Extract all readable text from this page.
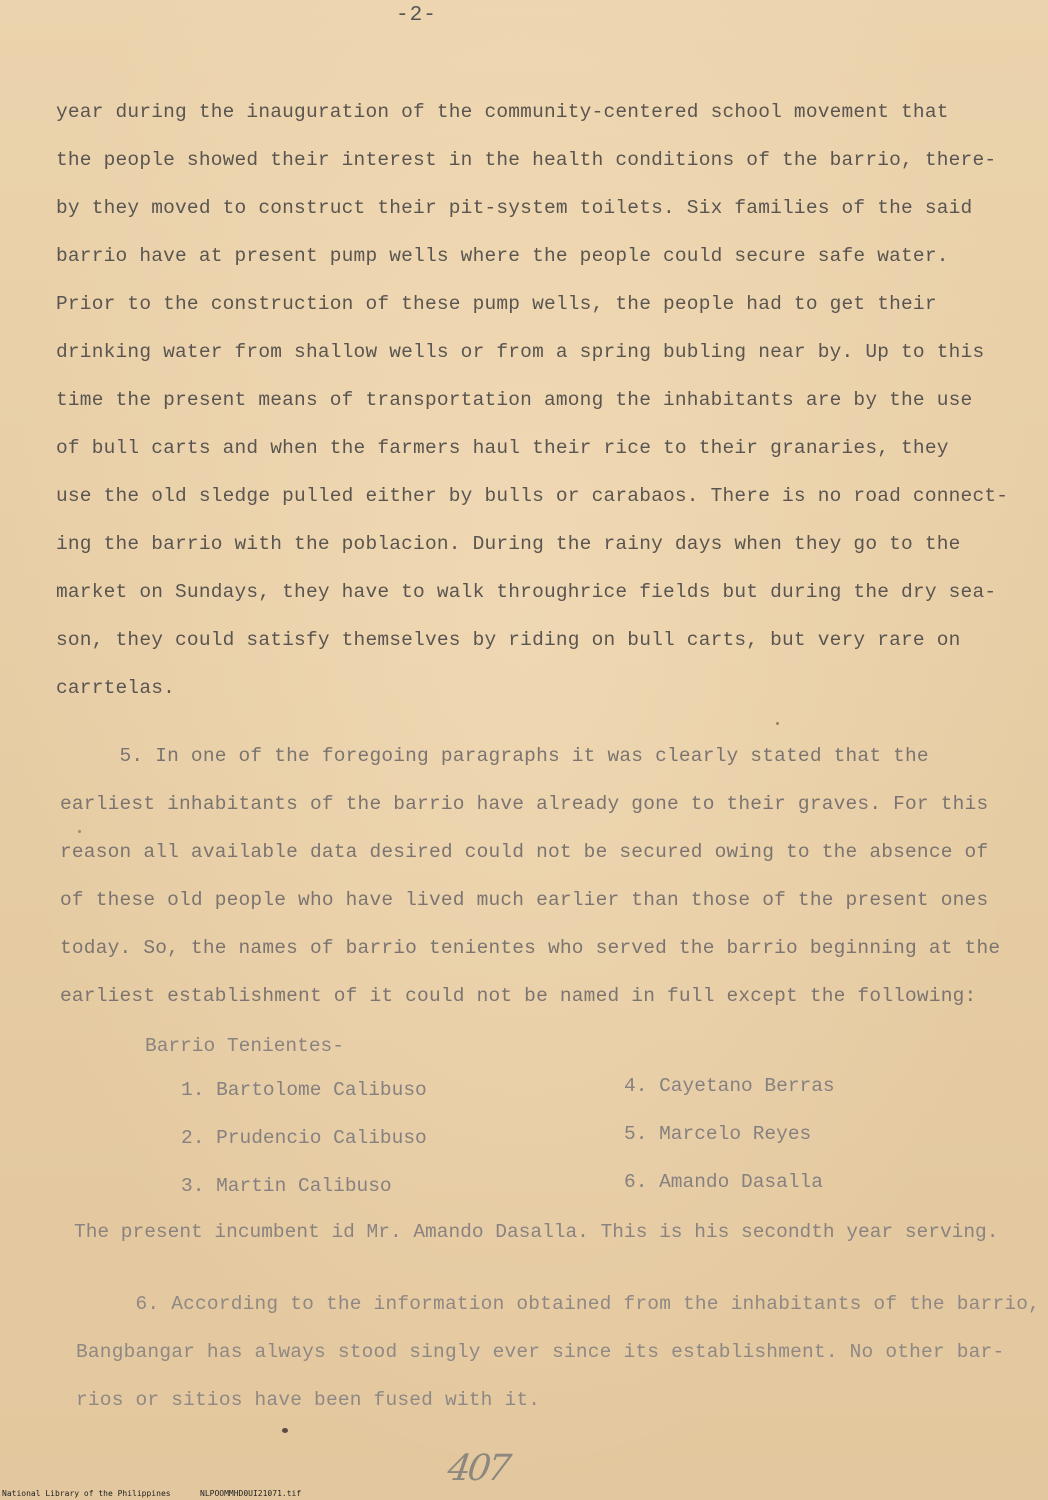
-2-
year during the inauguration of the community-centered school movement that
the people showed their interest in the health conditions of the barrio, there-
by they moved to construct their pit-system toilets. Six families of the said
barrio have at present pump wells where the people could secure safe water.
Prior to the construction of these pump wells, the people had to get their
drinking water from shallow wells or from a spring bubling near by. Up to this
time the present means of transportation among the inhabitants are by the use
of bull carts and when the farmers haul their rice to their granaries, they
use the old sledge pulled either by bulls or carabaos. There is no road connect-
ing the barrio with the poblacion. During the rainy days when they go to the
market on Sundays, they have to walk throughrice fields but during the dry sea-
son, they could satisfy themselves by riding on bull carts, but very rare on
carrtelas.
5. In one of the foregoing paragraphs it was clearly stated that the
earliest inhabitants of the barrio have already gone to their graves. For this
reason all available data desired could not be secured owing to the absence of
of these old people who have lived much earlier than those of the present ones
today. So, the names of barrio tenientes who served the barrio beginning at the
earliest establishment of it could not be named in full except the following:
Barrio Tenientes-
1. Bartolome Calibuso
2. Prudencio Calibuso
3. Martin Calibuso
4. Cayetano Berras
5. Marcelo Reyes
6. Amando Dasalla
The present incumbent id Mr. Amando Dasalla. This is his secondth year serving.
6. According to the information obtained from the inhabitants of the barrio,
Bangbangar has always stood singly ever since its establishment. No other bar-
rios or sitios have been fused with it.
407
National Library of the Philippines	NLPOOMMHD0UI21071.tif
